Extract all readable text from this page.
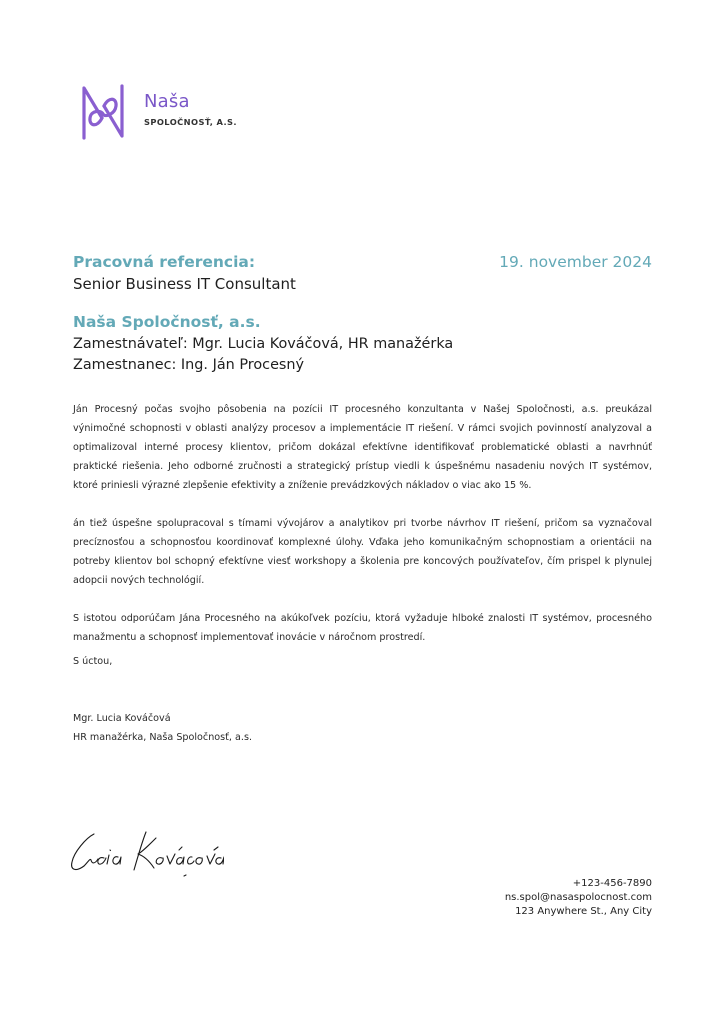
Naša
SPOLOČNOSŤ, A.S.
Pracovná referencia:	19. november 2024
Senior Business IT Consultant
Naša Spoločnosť, a.s.
Zamestnávateľ: Mgr. Lucia Kováčová, HR manažérka
Zamestnanec: Ing. Ján Procesný

Ján Procesný počas svojho pôsobenia na pozícii IT procesného konzultanta v Našej Spoločnosti, a.s. preukázal výnimočné schopnosti v oblasti analýzy procesov a implementácie IT riešení. V rámci svojich povinností analyzoval a optimalizoval interné procesy klientov, pričom dokázal efektívne identifikovať problematické oblasti a navrhnúť praktické riešenia. Jeho odborné zručnosti a strategický prístup viedli k úspešnému nasadeniu nových IT systémov, ktoré priniesli výrazné zlepšenie efektivity a zníženie prevádzkových nákladov o viac ako 15 %.

án tiež úspešne spolupracoval s tímami vývojárov a analytikov pri tvorbe návrhov IT riešení, pričom sa vyznačoval precíznosťou a schopnosťou koordinovať komplexné úlohy. Vďaka jeho komunikačným schopnostiam a orientácii na potreby klientov bol schopný efektívne viesť workshopy a školenia pre koncových používateľov, čím prispel k plynulej adopcii nových technológií.

S istotou odporúčam Jána Procesného na akúkoľvek pozíciu, ktorá vyžaduje hlboké znalosti IT systémov, procesného manažmentu a schopnosť implementovať inovácie v náročnom prostredí.

S úctou,
Mgr. Lucia Kováčová
HR manažérka, Naša Spoločnosť, a.s.
+123-456-7890
ns.spol@nasaspolocnost.com
123 Anywhere St., Any City
